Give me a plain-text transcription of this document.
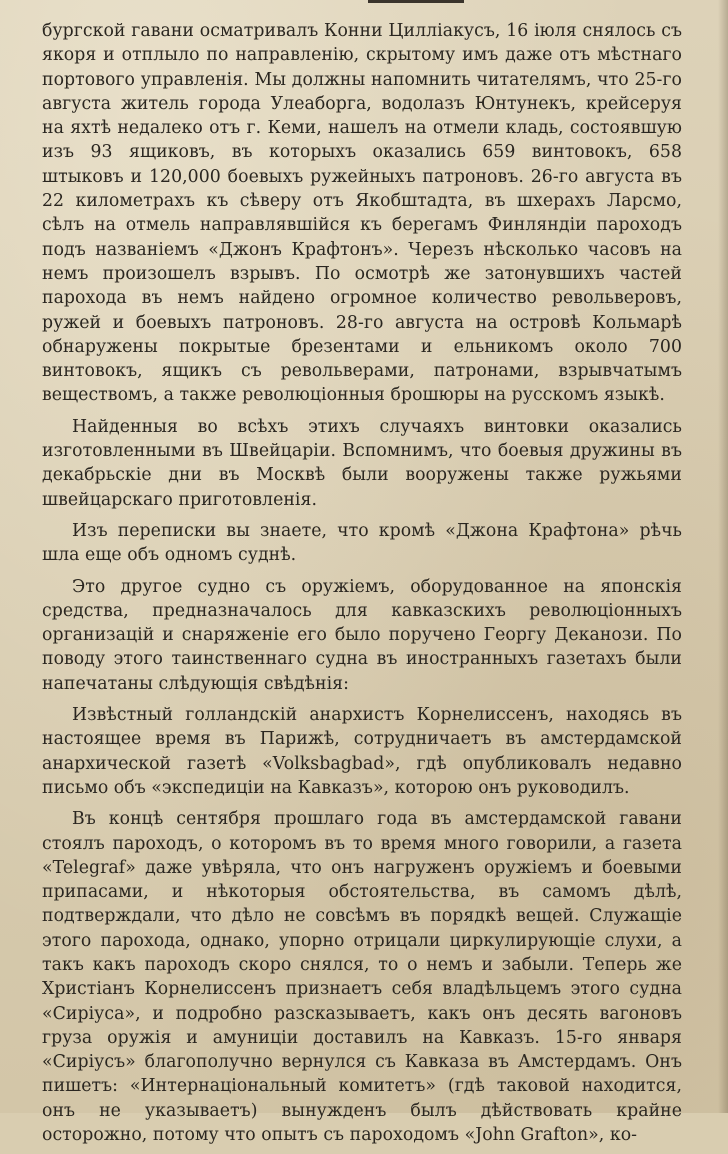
бургской гавани осматривалъ Конни Цилліакусъ, 16 іюля снялось съ якоря и отплыло по направленію, скрытому имъ даже отъ мѣстнаго портового управленія. Мы должны напомнить читателямъ, что 25-го августа житель города Улеаборга, водолазъ Юнтунекъ, крейсеруя на яхтѣ недалеко отъ г. Кеми, нашелъ на отмели кладь, состоявшую изъ 93 ящиковъ, въ которыхъ оказались 659 винтовокъ, 658 штыковъ и 120,000 боевыхъ ружейныхъ патроновъ. 26-го августа въ 22 километрахъ къ сѣверу отъ Якобштадта, въ шхерахъ Ларсмо, сѣлъ на отмель направлявшійся къ берегамъ Финляндіи пароходъ подъ названіемъ «Джонъ Крафтонъ». Черезъ нѣсколько часовъ на немъ произошелъ взрывъ. По осмотрѣ же затонувшихъ частей парохода въ немъ найдено огромное количество револьверовъ, ружей и боевыхъ патроновъ. 28-го августа на островѣ Кольмарѣ обнаружены покрытые брезентами и ельникомъ около 700 винтовокъ, ящикъ съ револьверами, патронами, взрывчатымъ веществомъ, а также революціонныя брошюры на русскомъ языкѣ.

Найденныя во всѣхъ этихъ случаяхъ винтовки оказались изготовленными въ Швейцаріи. Вспомнимъ, что боевыя дружины въ декабрьскіе дни въ Москвѣ были вооружены также ружьями швейцарскаго приготовленія.

Изъ переписки вы знаете, что кромѣ «Джона Крафтона» рѣчь шла еще объ одномъ суднѣ.

Это другое судно съ оружіемъ, оборудованное на японскія средства, предназначалось для кавказскихъ революціонныхъ организацій и снаряженіе его было поручено Георгу Деканози. По поводу этого таинственнаго судна въ иностранныхъ газетахъ были напечатаны слѣдующія свѣдѣнія:

Извѣстный голландскій анархистъ Корнелиссенъ, находясь въ настоящее время въ Парижѣ, сотрудничаетъ въ амстердамской анархической газетѣ «Volksbagbad», гдѣ опубликовалъ недавно письмо объ «экспедиціи на Кавказъ», которою онъ руководилъ.

Въ концѣ сентября прошлаго года въ амстердамской гавани стоялъ пароходъ, о которомъ въ то время много говорили, а газета «Telegraf» даже увѣряла, что онъ нагруженъ оружіемъ и боевыми припасами, и нѣкоторыя обстоятельства, въ самомъ дѣлѣ, подтверждали, что дѣло не совсѣмъ въ порядкѣ вещей. Служащіе этого парохода, однако, упорно отрицали циркулирующіе слухи, а такъ какъ пароходъ скоро снялся, то о немъ и забыли. Теперь же Христіанъ Корнелиссенъ признаетъ себя владѣльцемъ этого судна «Сиріуса», и подробно разсказываетъ, какъ онъ десять вагоновъ груза оружія и амуниціи доставилъ на Кавказъ. 15-го января «Сиріусъ» благополучно вернулся съ Кавказа въ Амстердамъ. Онъ пишетъ: «Интернаціональный комитетъ» (гдѣ таковой находится, онъ не указываетъ) вынужденъ былъ дѣйствовать крайне осторожно, потому что опытъ съ пароходомъ «John Grafton», ко-
